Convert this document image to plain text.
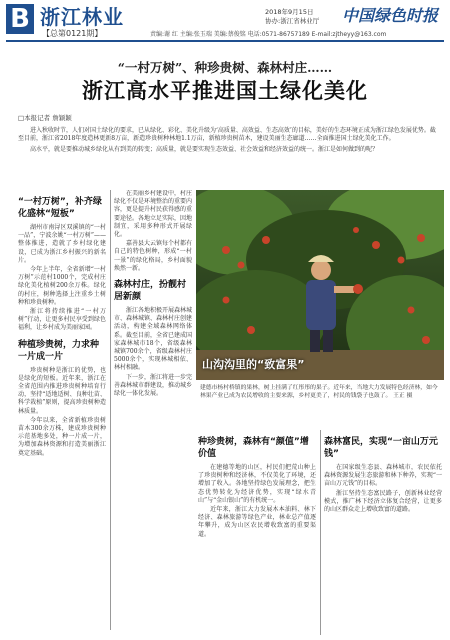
B 浙江林业
【总第0121期】
2018年9月15日
协办:浙江省林业厅	中国绿色时报
责编:谢 红 主编:张玉瑞 美编:蔡俊铭 电话:0571-86757189 E-mail:zjtheyy@163.com
“一村万树”、种珍贵树、森林村庄……
浙江高水平推进国土绿化美化
□本报记者 詹颖颖

进入秋收时节，人们对国土绿化的要求，已从绿化、彩化、美化升级为‘高质量、高效益、生态高效’的目标，美好的生态环境正成为浙江绿色发展优势。截至目前，浙江省2018年度造林更新8万亩，新造珍贵树种林地1.1万亩，新植珍贵树苗木，建设美丽生态廊道……全面推进国土绿化美化工作。

高水平，就是要推动城乡绿化从有到美的转变；高质量，就是要实现生态效益、社会效益和经济效益的统一。浙江是如何做到的呢？

“一村万树”，补齐绿化盛林“短板”

湖州市南浔区双溪镇的“一村一品”，宁波余姚“一村万树”——整体推进，造就了乡村绿化建设，已成为浙江乡村振兴的新名片。

今年上半年，全省新增“一村万树”示范村1000个，完成村庄绿化美化植树200余万株。绿化的村庄，树种选择上注重乡土树种和珍贵树种。

浙江将持续推进“一村万树”行动，让更多村民享受到绿色福利，让乡村成为美丽家园。

种植珍贵树，力求种一片成一片

珍贵树种是浙江的优势，也是绿化的短板。近年来，浙江在全省范围内推进珍贵树种培育行动，坚持“适地适树、良种壮苗、科学栽植”原则，提高珍贵树种造林质量。

今年以来，全省新植珍贵树苗木300余万株，建成珍贵树种示范基地多处，种一片成一片，为增加森林资源和打造美丽浙江奠定基础。

在美丽乡村建设中，村庄绿化不仅是环境整治的重要内容，更是提升村民获得感的重要途径。各地立足实际，因地制宜，采用多种形式开展绿化。

嘉善县大云镇每个村都有自己的特色树种，形成“一村一景”的绿化格局，乡村面貌焕然一新。

森林村庄，扮靓村居新颜

浙江各地积极开展森林城市、森林城镇、森林村庄创建活动，构建全域森林网络体系。截至目前，全省已建成国家森林城市18个，省级森林城镇700余个，省级森林村庄5000余个，实现林城相依、林村相融。

下一步，浙江将进一步完善森林城市群建设，推动城乡绿化一体化发展。

山沟沟里的“致富果”
建德市杨村桥镇的果林，树上挂满了红彤彤的果子。近年来，当地大力发展特色经济林，如今林果产业已成为农民增收的主要来源，乡村更美了，村民的钱袋子也鼓了。 王正 摄
种珍贵树，森林有“颜值”增价值

在建德等地的山区，村民们把荒山种上了珍贵树种和经济林，不仅美化了环境，还增加了收入。各地坚持绿色发展理念，把生态优势转化为经济优势，实现“绿水青山”与“金山银山”的有机统一。

近年来，浙江大力发展木本油料、林下经济、森林旅游等绿色产业，林业总产值逐年攀升，成为山区农民增收致富的重要渠道。

森林富民，实现“一亩山万元钱”

在国家级生态县、森林城市，农民依托森林资源发展生态旅游和林下种养，实现“一亩山万元钱”的目标。

浙江坚持生态富民路子，创新林业经营模式，推广林下经济立体复合经营，让更多的山区群众走上增收致富的道路。
